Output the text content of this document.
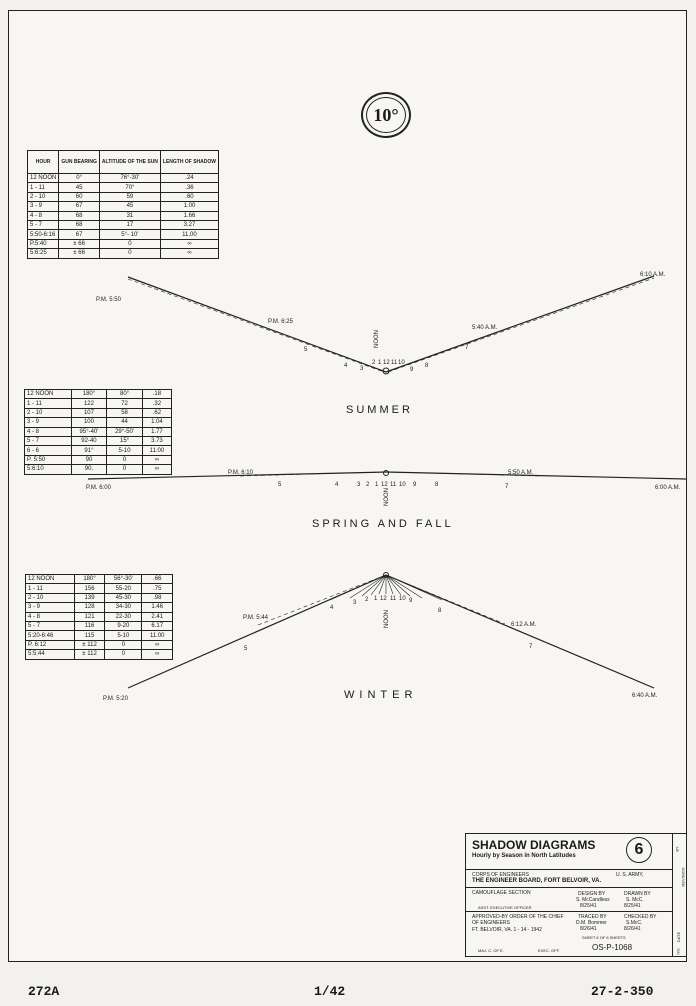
10°
HOUR	GUN BEARING	ALTITUDE OF THE SUN	LENGTH OF SHADOW
12 NOON	0°	76°-30'	.24
1 - 11	45	70°	.36
2 - 10	60	59	.60
3 - 9	67	45	1.00
4 - 8	68	31	1.66
5 - 7	68	17	3.27
5:50-6:16	67	5°- 10'	11.00
P.5:40	± 66	0	∞
5:6:25	± 66	0	∞
12 NOON	180°	80°	.18
1 - 11	122	72	.32
2 - 10	107	58	.62
3 - 9	100	44	1.04
4 - 8	95°-40'	29°-50'	1.77
5 - 7	92-40	15°	3.73
6 - 6	91°	5-10	11.00
P. 5:50	90	0	∞
5:6:10	90,	0	∞
12 NOON	180°	56°-30'	.66
1 - 11	156	55-20	.75
2 - 10	139	45-30	.98
3 - 9	128	34-30	1.46
4 - 8	121	22-30	2.41
5 - 7	116	9-20	6.17
5:20-6:46	115	5-10	11.00
P. 6:12	± 112	0	∞
5:5:44	± 112	0	∞
P.M. 5:50
6:10 A.M.
P.M. 6:25
5:40 A.M.
NOON
5
4 3
2 1 12 11 10
9
8
7
P.M. 6:00	6:00 A.M.
P.M. 6:10	5:50 A.M.
NOON
5	4	3 2 1 12 11 10 9	8	7
P.M. 5:20	6:40 A.M.
P.M. 5:44
6:12 A.M.
NOON
5
4
3 2 1 12 11 10 9
8
7
SUMMER
SPRING AND FALL
WINTER
SHADOW DIAGRAMS	6
Hourly by Season in North Latitudes
CORPS OF ENGINEERS	U. S. ARMY,
THE ENGINEER BOARD, FORT BELVOIR, VA.
CAMOUFLAGE SECTION
ASST. EXECUTIVE OFFICER
DESIGN BY
S. McCandless
8/25/41
DRAWN BY
S. McC.
8/25/41
APPROVED-BY ORDER OF THE CHIEF OF ENGINEERS
FT. BELVOIR, VA. 1 - 14 - 1942
TRACED BY
D.M. Bommer
8/26/41
CHECKED BY
S.McC.
8/26/41
MAJ. C. OF E.	EXEC. OFF.
SHEET 6 OF 6 SHEETS
OS-P-1068
REVISION
NO.
DATE
BY
272A	1/42	27-2-350
